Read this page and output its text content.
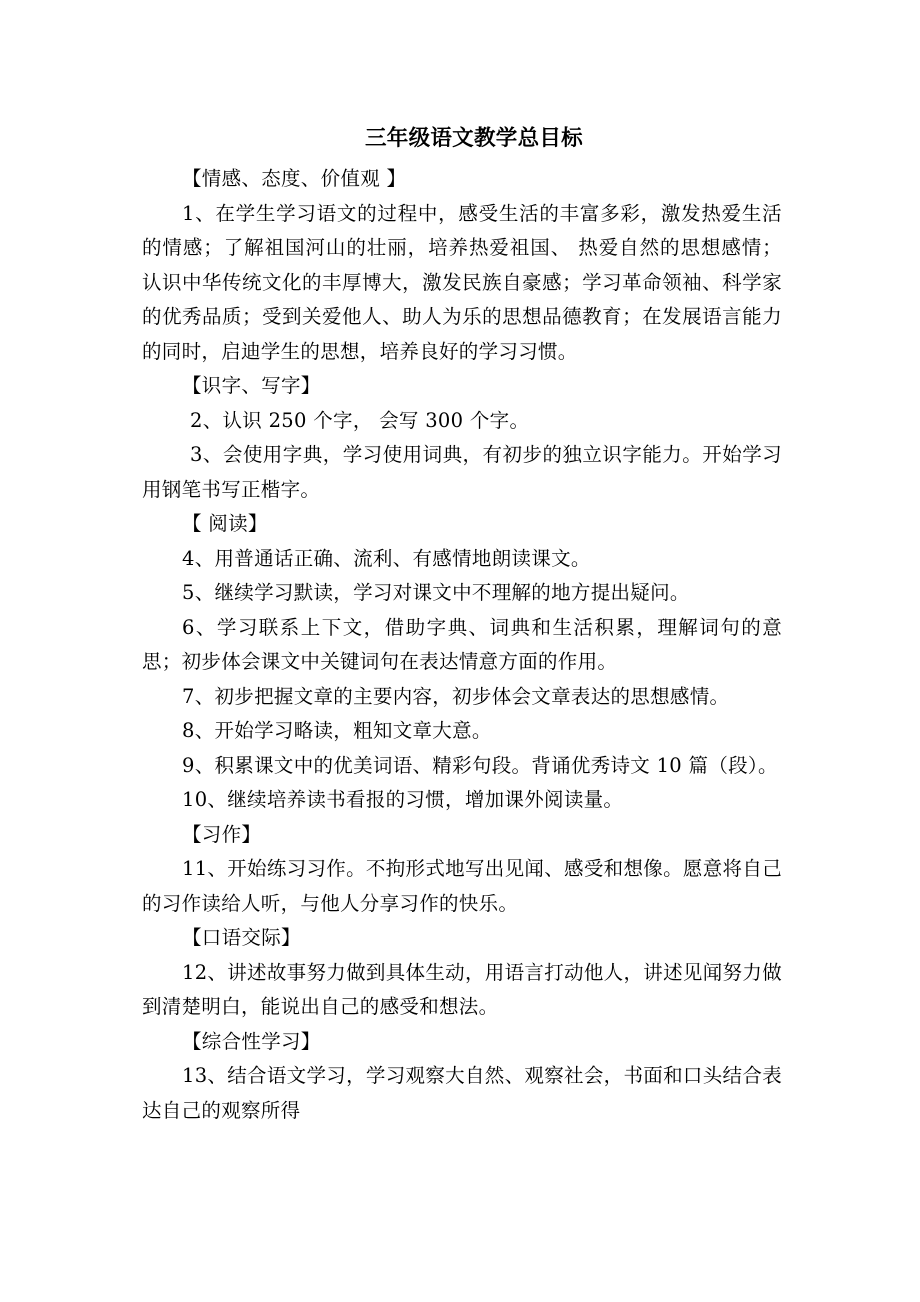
三年级语文教学总目标

【情感、态度、价值观 】

1、在学生学习语文的过程中，感受生活的丰富多彩，激发热爱生活的情感；了解祖国河山的壮丽，培养热爱祖国、 热爱自然的思想感情；认识中华传统文化的丰厚博大，激发民族自豪感；学习革命领袖、科学家的优秀品质；受到关爱他人、助人为乐的思想品德教育；在发展语言能力的同时，启迪学生的思想，培养良好的学习习惯。

【识字、写字】

2、认识 250 个字， 会写 300 个字。

3、会使用字典，学习使用词典，有初步的独立识字能力。开始学习用钢笔书写正楷字。

【 阅读】

4、用普通话正确、流利、有感情地朗读课文。

5、继续学习默读，学习对课文中不理解的地方提出疑问。

6、学习联系上下文，借助字典、词典和生活积累，理解词句的意思；初步体会课文中关键词句在表达情意方面的作用。

7、初步把握文章的主要内容，初步体会文章表达的思想感情。

8、开始学习略读，粗知文章大意。

9、积累课文中的优美词语、精彩句段。背诵优秀诗文 10 篇（段）。

10、继续培养读书看报的习惯，增加课外阅读量。

【习作】

11、开始练习习作。不拘形式地写出见闻、感受和想像。愿意将自己的习作读给人听，与他人分享习作的快乐。

【口语交际】

12、讲述故事努力做到具体生动，用语言打动他人，讲述见闻努力做到清楚明白，能说出自己的感受和想法。

【综合性学习】

13、结合语文学习，学习观察大自然、观察社会，书面和口头结合表达自己的观察所得
